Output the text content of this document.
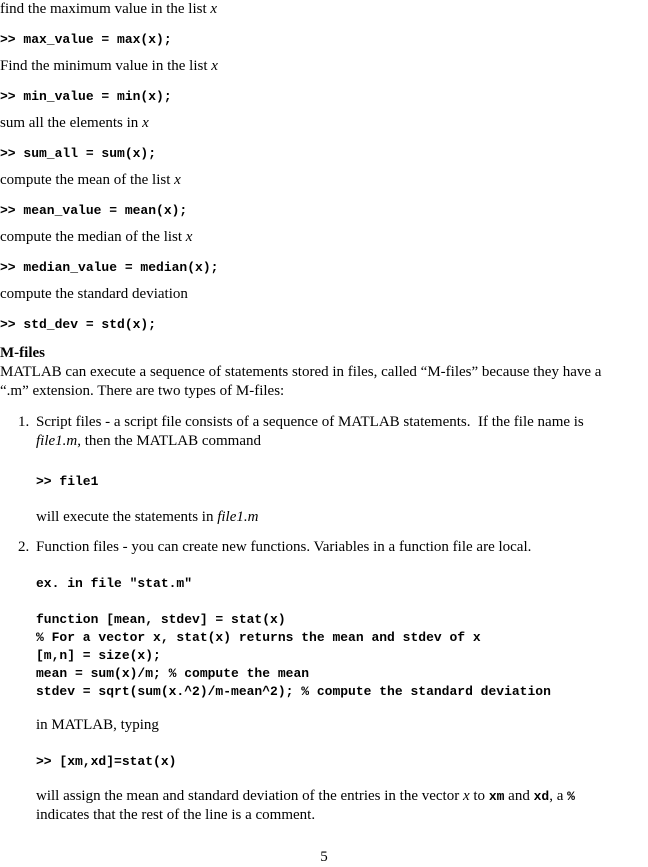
find the maximum value in the list x
>> max_value = max(x);
Find the minimum value in the list x
>> min_value = min(x);
sum all the elements in x
>> sum_all = sum(x);
compute the mean of the list x
>> mean_value = mean(x);
compute the median of the list x
>> median_value = median(x);
compute the standard deviation
>> std_dev = std(x);
M-files
MATLAB can execute a sequence of statements stored in files, called “M-files” because they have a
“.m” extension. There are two types of M-files:
1. Script files - a script file consists of a sequence of MATLAB statements.  If the file name is
file1.m, then the MATLAB command
>> file1
will execute the statements in file1.m
2. Function files - you can create new functions. Variables in a function file are local.
ex. in file "stat.m"
function [mean, stdev] = stat(x)
% For a vector x, stat(x) returns the mean and stdev of x
[m,n] = size(x);
mean = sum(x)/m; % compute the mean
stdev = sqrt(sum(x.^2)/m-mean^2); % compute the standard deviation
in MATLAB, typing
>> [xm,xd]=stat(x)
will assign the mean and standard deviation of the entries in the vector x to xm and xd, a %
indicates that the rest of the line is a comment.
5
